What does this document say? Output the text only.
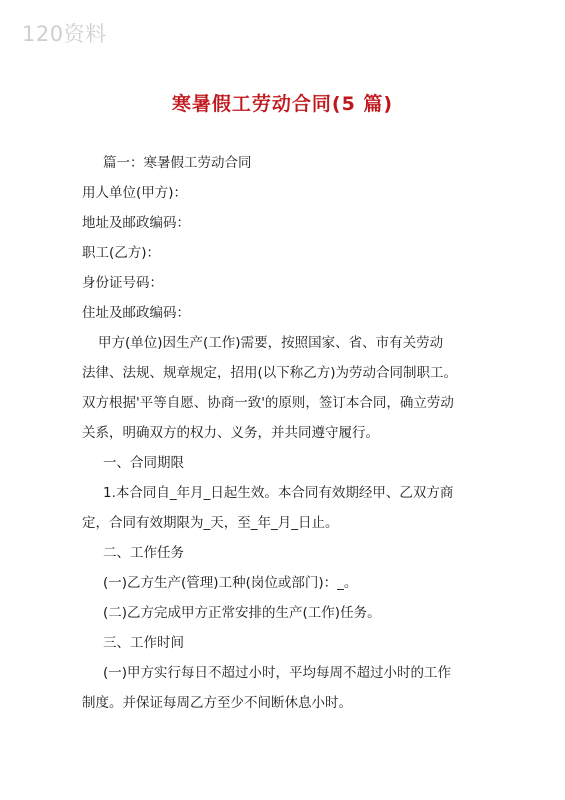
120资料
寒暑假工劳动合同(5 篇)

篇一：寒暑假工劳动合同

用人单位(甲方)：

地址及邮政编码：

职工(乙方)：

身份证号码：

住址及邮政编码：

甲方(单位)因生产(工作)需要，按照国家、省、市有关劳动

法律、法规、规章规定，招用(以下称乙方)为劳动合同制职工。

双方根据'平等自愿、协商一致'的原则，签订本合同，确立劳动

关系，明确双方的权力、义务，并共同遵守履行。

一、合同期限

1.本合同自_年月_日起生效。本合同有效期经甲、乙双方商

定，合同有效期限为_天，至_年_月_日止。

二、工作任务

(一)乙方生产(管理)工种(岗位或部门)：_。

(二)乙方完成甲方正常安排的生产(工作)任务。

三、工作时间

(一)甲方实行每日不超过小时，平均每周不超过小时的工作

制度。并保证每周乙方至少不间断休息小时。
